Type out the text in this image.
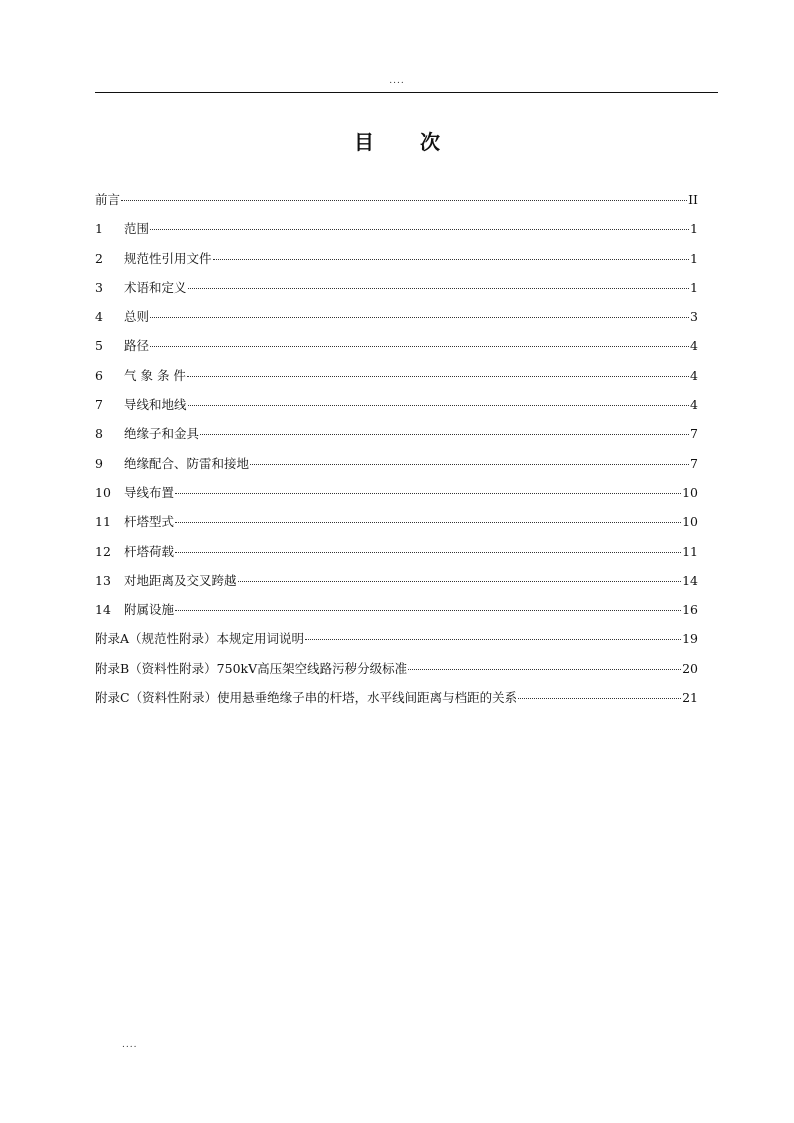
....
目 次
前言	II
1	范围	1
2	规范性引用文件	1
3	术语和定义	1
4	总则	3
5	路径	4
6	气 象 条 件	4
7	导线和地线	4
8	绝缘子和金具	7
9	绝缘配合、防雷和接地	7
10	导线布置	10
11	杆塔型式	10
12	杆塔荷载	11
13	对地距离及交叉跨越	14
14	附属设施	16
附录A（规范性附录）本规定用词说明	19
附录B（资料性附录）750kV高压架空线路污秽分级标准	20
附录C（资料性附录）使用悬垂绝缘子串的杆塔，水平线间距离与档距的关系	21
....
